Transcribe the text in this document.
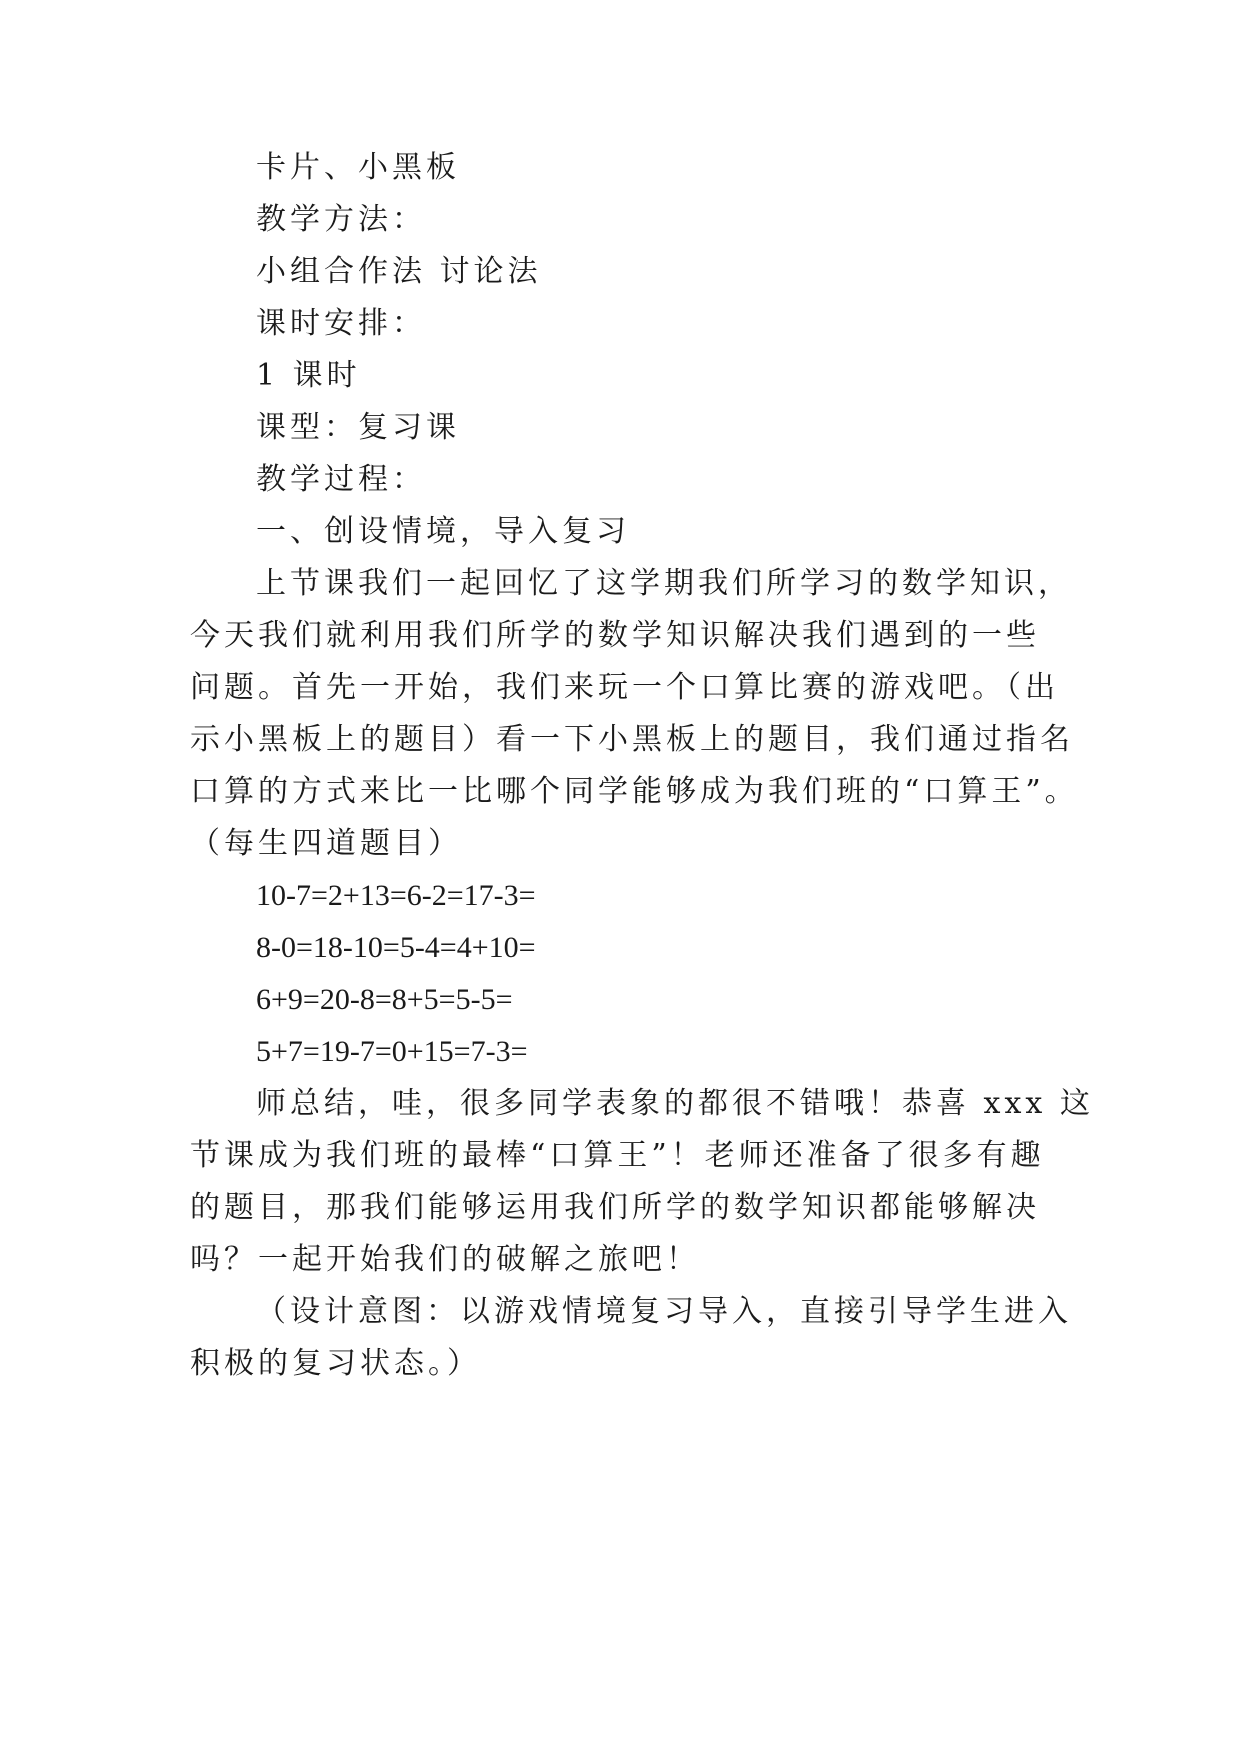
卡片、小黑板
教学方法：
小组合作法 讨论法
课时安排：
1 课时
课型：复习课
教学过程：
一、创设情境，导入复习
上节课我们一起回忆了这学期我们所学习的数学知识，
今天我们就利用我们所学的数学知识解决我们遇到的一些
问题。首先一开始，我们来玩一个口算比赛的游戏吧。（出
示小黑板上的题目）看一下小黑板上的题目，我们通过指名
口算的方式来比一比哪个同学能够成为我们班的“口算王”。
（每生四道题目）
10-7=2+13=6-2=17-3=
8-0=18-10=5-4=4+10=
6+9=20-8=8+5=5-5=
5+7=19-7=0+15=7-3=
师总结，哇，很多同学表象的都很不错哦！恭喜 xxx 这
节课成为我们班的最棒“口算王”！老师还准备了很多有趣
的题目，那我们能够运用我们所学的数学知识都能够解决
吗？一起开始我们的破解之旅吧！
（设计意图：以游戏情境复习导入，直接引导学生进入
积极的复习状态。）
